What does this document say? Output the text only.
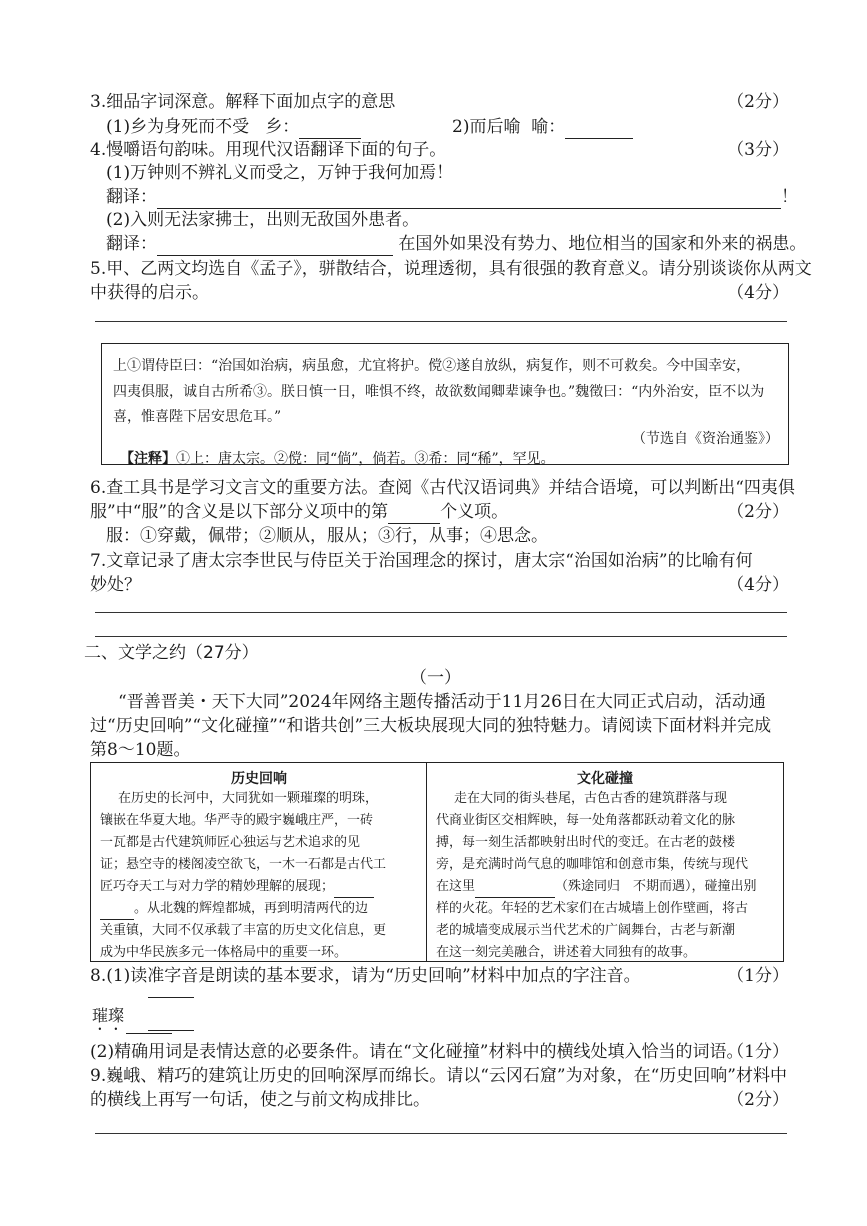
3.细品字词深意。解释下面加点字的意思	（2分）
(1)乡为身死而不受 乡：	2)而后喻 喻：
4.慢嚼语句韵味。用现代汉语翻译下面的句子。	（3分）
(1)万钟则不辨礼义而受之，万钟于我何加焉！
翻译：	！
(2)入则无法家拂士，出则无敌国外患者。
翻译：	在国外如果没有势力、地位相当的国家和外来的祸患。
5.甲、乙两文均选自《孟子》，骈散结合，说理透彻，具有很强的教育意义。请分别谈谈你从两文
中获得的启示。	（4分）
上①谓侍臣曰：“治国如治病，病虽愈，尤宜将护。傥②遂自放纵，病复作，则不可救矣。今中国幸安，
四夷俱服，诚自古所希③。朕日慎一日，唯惧不终，故欲数闻卿辈谏争也。”魏徵曰：“内外治安，臣不以为
喜，惟喜陛下居安思危耳。”
（节选自《资治通鉴》）
【注释】①上：唐太宗。②傥：同“倘”，倘若。③希：同“稀”，罕见。
6.查工具书是学习文言文的重要方法。查阅《古代汉语词典》并结合语境，可以判断出“四夷俱
服”中“服”的含义是以下部分义项中的第	个义项。	（2分）
服：①穿戴，佩带；②顺从，服从；③行，从事；④思念。
7.文章记录了唐太宗李世民与侍臣关于治国理念的探讨，唐太宗“治国如治病”的比喻有何
妙处？	（4分）
二、文学之约（27分）
（一）
“晋善晋美・天下大同”2024年网络主题传播活动于11月26日在大同正式启动，活动通
过“历史回响”“文化碰撞”“和谐共创”三大板块展现大同的独特魅力。请阅读下面材料并完成
第8～10题。
历史回响	文化碰撞
在历史的长河中，大同犹如一颗璀璨的明珠，
镶嵌在华夏大地。华严寺的殿宇巍峨庄严，一砖
一瓦都是古代建筑师匠心独运与艺术追求的见
证；悬空寺的楼阁凌空欲飞，一木一石都是古代工
匠巧夺天工与对力学的精妙理解的展现；
。从北魏的辉煌都城，再到明清两代的边
关重镇，大同不仅承载了丰富的历史文化信息，更
成为中华民族多元一体格局中的重要一环。
走在大同的街头巷尾，古色古香的建筑群落与现
代商业街区交相辉映，每一处角落都跃动着文化的脉
搏，每一刻生活都映射出时代的变迁。在古老的鼓楼
旁，是充满时尚气息的咖啡馆和创意市集，传统与现代
在这里	（殊途同归　不期而遇），碰撞出别
样的火花。年轻的艺术家们在古城墙上创作壁画，将古
老的城墙变成展示当代艺术的广阔舞台，古老与新潮
在这一刻完美融合，讲述着大同独有的故事。
8.(1)读准字音是朗读的基本要求，请为“历史回响”材料中加点的字注音。	（1分）
璀璨
(2)精确用词是表情达意的必要条件。请在“文化碰撞”材料中的横线处填入恰当的词语。
（1分）
9.巍峨、精巧的建筑让历史的回响深厚而绵长。请以“云冈石窟”为对象，在“历史回响”材料中
的横线上再写一句话，使之与前文构成排比。	（2分）
